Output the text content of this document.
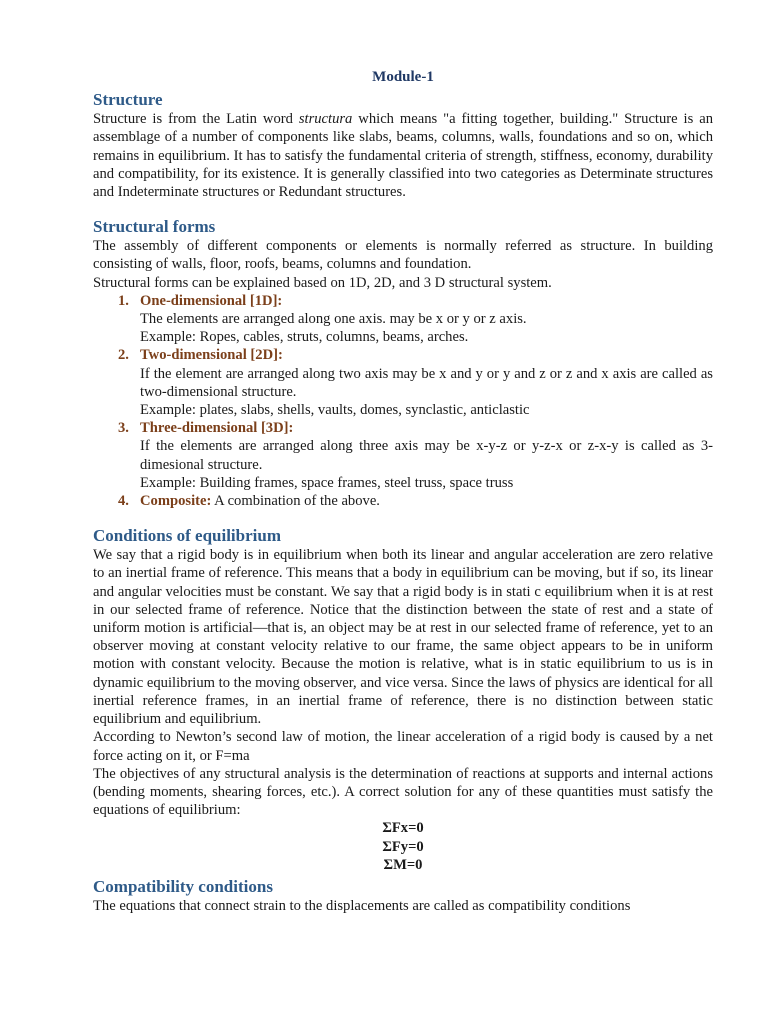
Module-1

Structure

Structure is from the Latin word structura which means "a fitting together, building." Structure is an assemblage of a number of components like slabs, beams, columns, walls, foundations and so on, which remains in equilibrium. It has to satisfy the fundamental criteria of strength, stiffness, economy, durability and compatibility, for its existence. It is generally classified into two categories as Determinate structures and Indeterminate structures or Redundant structures.

Structural forms

The assembly of different components or elements is normally referred as structure. In building consisting of walls, floor, roofs, beams, columns and foundation.

Structural forms can be explained based on 1D, 2D, and 3 D structural system.

1. One-dimensional [1D]:
The elements are arranged along one axis. may be x or y or z axis.
Example: Ropes, cables, struts, columns, beams, arches.
2. Two-dimensional [2D]:
If the element are arranged along two axis may be x and y or y and z or z and x axis are called as two-dimensional structure.
Example: plates, slabs, shells, vaults, domes, synclastic, anticlastic
3. Three-dimensional [3D]:
If the elements are arranged along three axis may be x-y-z or y-z-x or z-x-y is called as 3-dimesional structure.
Example: Building frames, space frames, steel truss, space truss
4. Composite: A combination of the above.
Conditions of equilibrium

We say that a rigid body is in equilibrium when both its linear and angular acceleration are zero relative to an inertial frame of reference. This means that a body in equilibrium can be moving, but if so, its linear and angular velocities must be constant. We say that a rigid body is in stati c equilibrium when it is at rest in our selected frame of reference. Notice that the distinction between the state of rest and a state of uniform motion is artificial—that is, an object may be at rest in our selected frame of reference, yet to an observer moving at constant velocity relative to our frame, the same object appears to be in uniform motion with constant velocity. Because the motion is relative, what is in static equilibrium to us is in dynamic equilibrium to the moving observer, and vice versa. Since the laws of physics are identical for all inertial reference frames, in an inertial frame of reference, there is no distinction between static equilibrium and equilibrium.

According to Newton’s second law of motion, the linear acceleration of a rigid body is caused by a net force acting on it, or F=ma

The objectives of any structural analysis is the determination of reactions at supports and internal actions (bending moments, shearing forces, etc.). A correct solution for any of these quantities must satisfy the equations of equilibrium:

ΣFx=0

ΣFy=0

ΣM=0

Compatibility conditions

The equations that connect strain to the displacements are called as compatibility conditions
